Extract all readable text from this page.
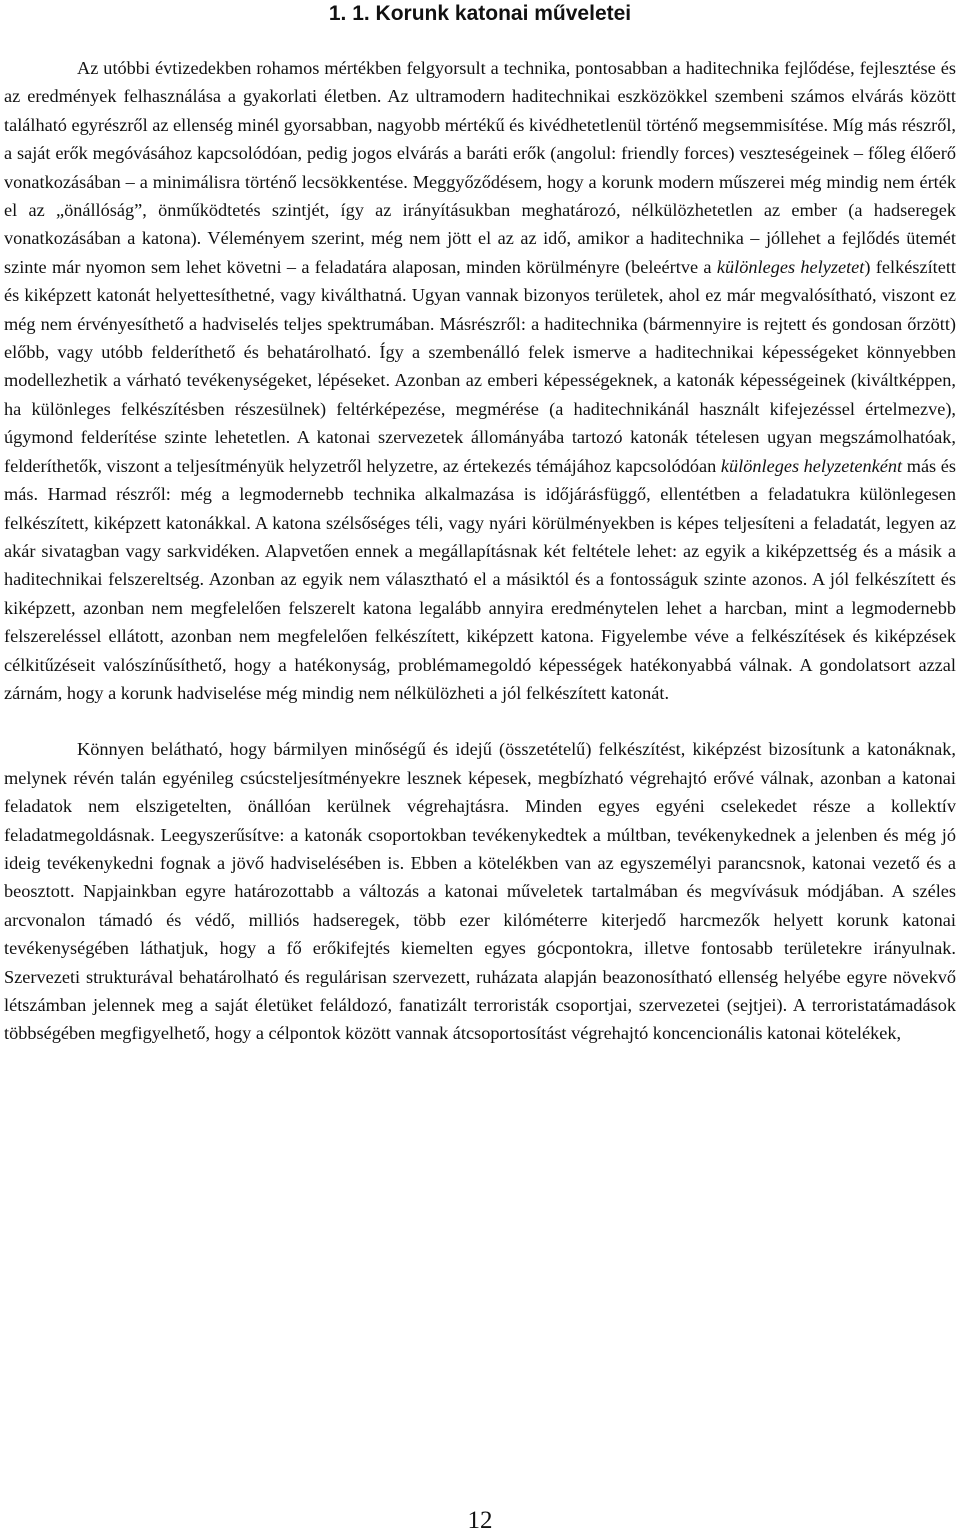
1. 1. Korunk katonai műveletei

Az utóbbi évtizedekben rohamos mértékben felgyorsult a technika, pontosabban a haditechnika fejlődése, fejlesztése és az eredmények felhasználása a gyakorlati életben. Az ultramodern haditechnikai eszközökkel szembeni számos elvárás között található egyrészről az ellenség minél gyorsabban, nagyobb mértékű és kivédhetetlenül történő megsemmisítése. Míg más részről, a saját erők megóvásához kapcsolódóan, pedig jogos elvárás a baráti erők (angolul: friendly forces) veszteségeinek – főleg élőerő vonatkozásában – a minimálisra történő lecsökkentése. Meggyőződésem, hogy a korunk modern műszerei még mindig nem érték el az „önállóság”, önműködtetés szintjét, így az irányításukban meghatározó, nélkülözhetetlen az ember (a hadseregek vonatkozásában a katona). Véleményem szerint, még nem jött el az az idő, amikor a haditechnika – jóllehet a fejlődés ütemét szinte már nyomon sem lehet követni – a feladatára alaposan, minden körülményre (beleértve a különleges helyzetet) felkészített és kiképzett katonát helyettesíthetné, vagy kiválthatná. Ugyan vannak bizonyos területek, ahol ez már megvalósítható, viszont ez még nem érvényesíthető a hadviselés teljes spektrumában. Másrészről: a haditechnika (bármennyire is rejtett és gondosan őrzött) előbb, vagy utóbb felderíthető és behatárolható. Így a szembenálló felek ismerve a haditechnikai képességeket könnyebben modellezhetik a várható tevékenységeket, lépéseket. Azonban az emberi képességeknek, a katonák képességeinek (kiváltképpen, ha különleges felkészítésben részesülnek) feltérképezése, megmérése (a haditechnikánál használt kifejezéssel értelmezve), úgymond felderítése szinte lehetetlen. A katonai szervezetek állományába tartozó katonák tételesen ugyan megszámolhatóak, felderíthetők, viszont a teljesítményük helyzetről helyzetre, az értekezés témájához kapcsolódóan különleges helyzetenként más és más. Harmad részről: még a legmodernebb technika alkalmazása is időjárásfüggő, ellentétben a feladatukra különlegesen felkészített, kiképzett katonákkal. A katona szélsőséges téli, vagy nyári körülményekben is képes teljesíteni a feladatát, legyen az akár sivatagban vagy sarkvidéken. Alapvetően ennek a megállapításnak két feltétele lehet: az egyik a kiképzettség és a másik a haditechnikai felszereltség. Azonban az egyik nem választható el a másiktól és a fontosságuk szinte azonos. A jól felkészített és kiképzett, azonban nem megfelelően felszerelt katona legalább annyira eredménytelen lehet a harcban, mint a legmodernebb felszereléssel ellátott, azonban nem megfelelően felkészített, kiképzett katona. Figyelembe véve a felkészítések és kiképzések célkitűzéseit valószínűsíthető, hogy a hatékonyság, problémamegoldó képességek hatékonyabbá válnak. A gondolatsort azzal zárnám, hogy a korunk hadviselése még mindig nem nélkülözheti a jól felkészített katonát.

Könnyen belátható, hogy bármilyen minőségű és idejű (összetételű) felkészítést, kiképzést bizosítunk a katonáknak, melynek révén talán egyénileg csúcsteljesítményekre lesznek képesek, megbízható végrehajtó erővé válnak, azonban a katonai feladatok nem elszigetelten, önállóan kerülnek végrehajtásra. Minden egyes egyéni cselekedet része a kollektív feladatmegoldásnak. Leegyszerűsítve: a katonák csoportokban tevékenykedtek a múltban, tevékenykednek a jelenben és még jó ideig tevékenykedni fognak a jövő hadviselésében is. Ebben a kötelékben van az egyszemélyi parancsnok, katonai vezető és a beosztott. Napjainkban egyre határozottabb a változás a katonai műveletek tartalmában és megvívásuk módjában. A széles arcvonalon támadó és védő, milliós hadseregek, több ezer kilóméterre kiterjedő harcmezők helyett korunk katonai tevékenységében láthatjuk, hogy a fő erőkifejtés kiemelten egyes gócpontokra, illetve fontosabb területekre irányulnak. Szervezeti strukturával behatárolható és regulárisan szervezett, ruházata alapján beazonosítható ellenség helyébe egyre növekvő létszámban jelennek meg a saját életüket feláldozó, fanatizált terroristák csoportjai, szervezetei (sejtjei). A terroristatámadások többségében megfigyelhető, hogy a célpontok között vannak átcsoportosítást végrehajtó koncencionális katonai kötelékek,

12
